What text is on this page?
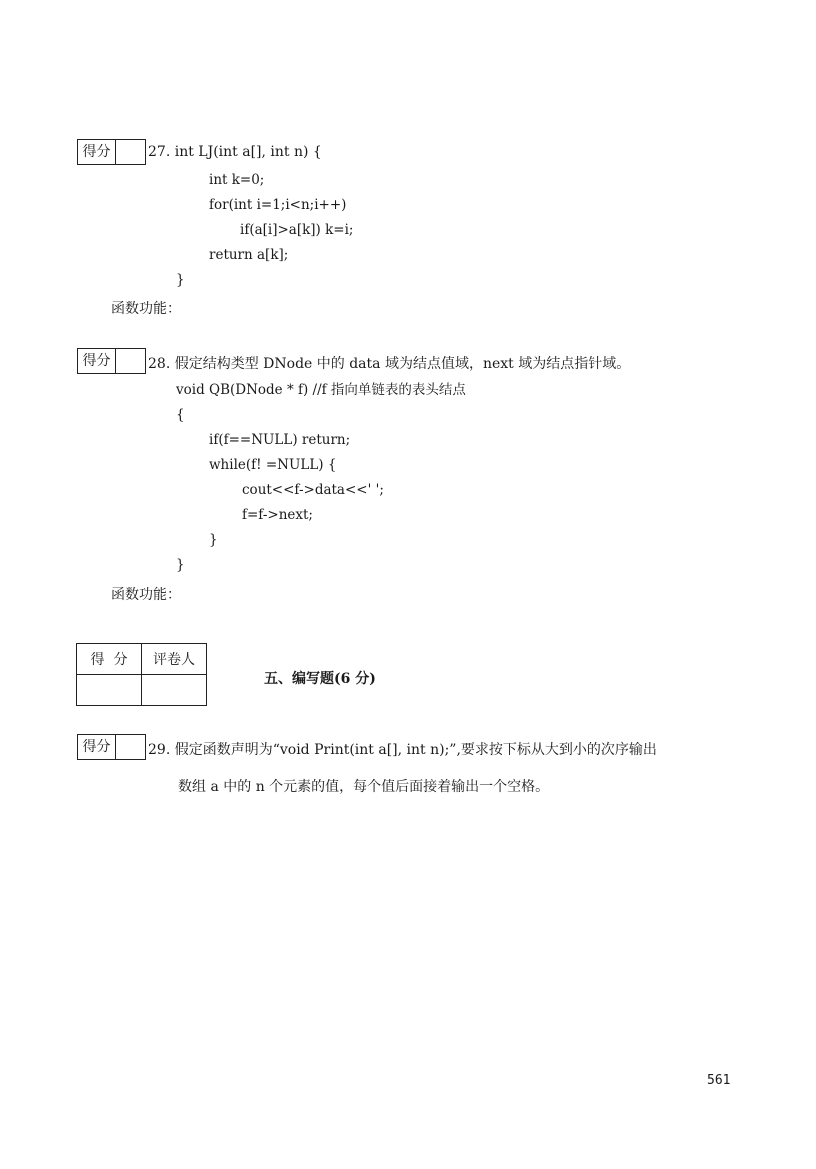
得分	27. int LJ(int a[], int n) {
int k=0;
for(int i=1;i<n;i++)
if(a[i]>a[k]) k=i;
return a[k];
}
函数功能：
得分	28. 假定结构类型 DNode 中的 data 域为结点值域，next 域为结点指针域。
void QB(DNode * f) //f 指向单链表的表头结点
{
if(f==NULL) return;
while(f! =NULL) {
cout<<f->data<<' ';
f=f->next;
}
}
函数功能：
得  分	评卷人

五、编写题(6 分)
得分	29. 假定函数声明为“void Print(int a[], int n);”,要求按下标从大到小的次序输出
数组 a 中的 n 个元素的值，每个值后面接着输出一个空格。
561
